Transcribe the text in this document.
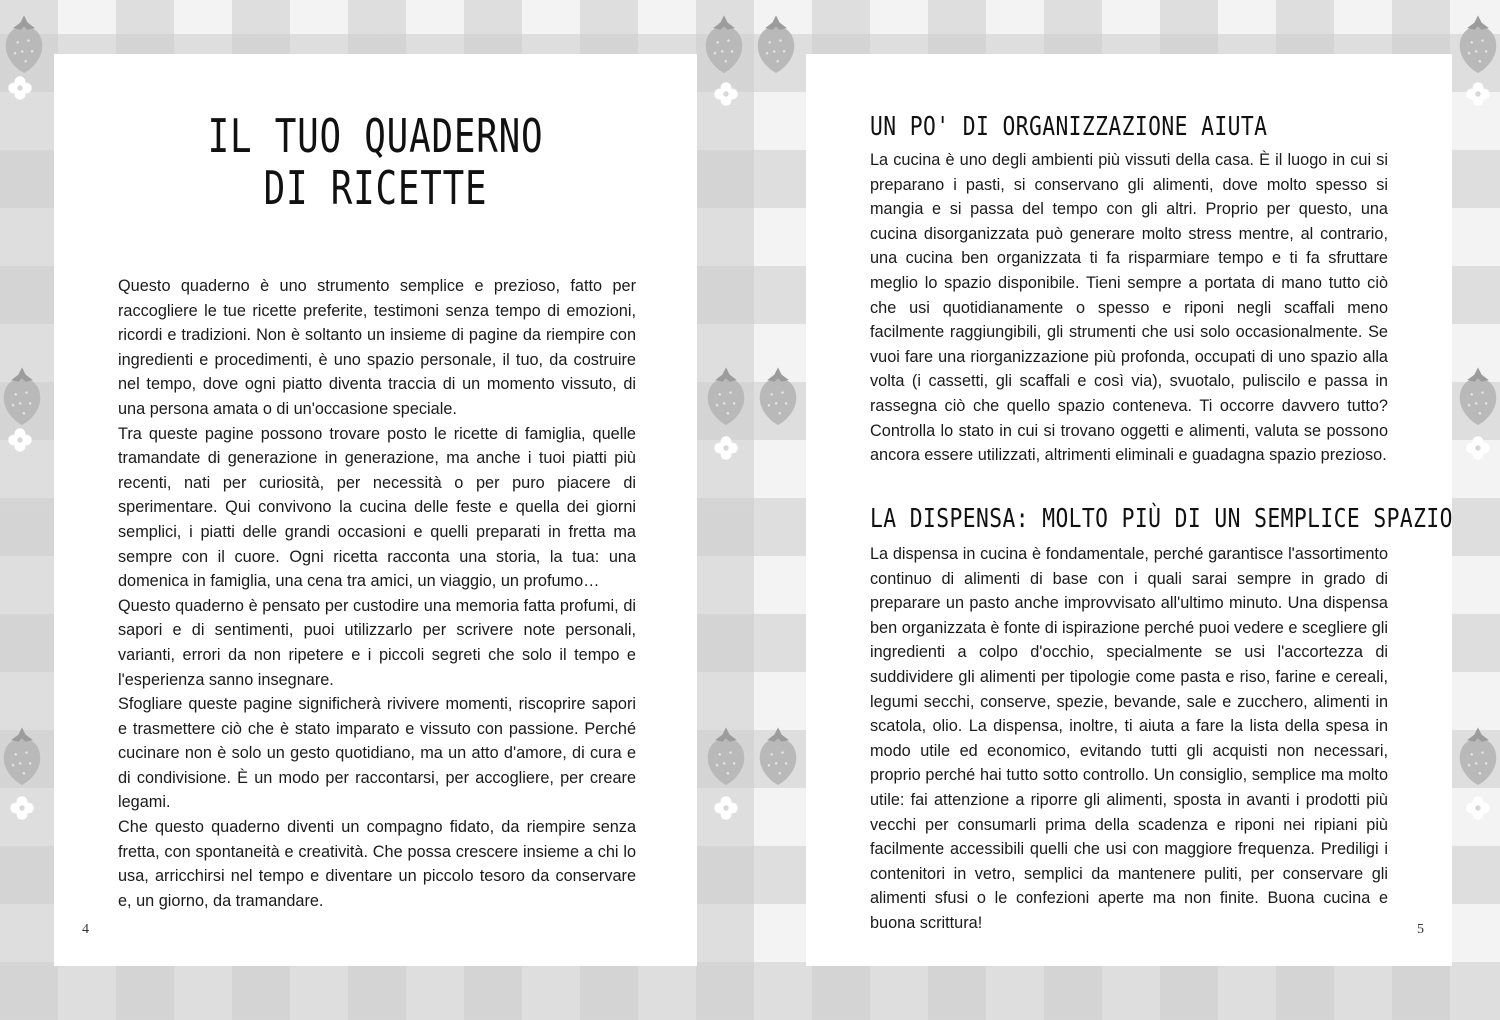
IL TUO QUADERNO
DI RICETTE

Questo quaderno è uno strumento semplice e prezioso, fatto per raccogliere le tue ricette preferite, testimoni senza tempo di emozioni, ricordi e tradizioni. Non è soltanto un insieme di pagine da riempire con ingredienti e procedimenti, è uno spazio personale, il tuo, da costruire nel tempo, dove ogni piatto diventa traccia di un momento vissuto, di una persona amata o di un'occasione speciale.

Tra queste pagine possono trovare posto le ricette di famiglia, quelle tramandate di generazione in generazione, ma anche i tuoi piatti più recenti, nati per curiosità, per necessità o per puro piacere di sperimentare. Qui convivono la cucina delle feste e quella dei giorni semplici, i piatti delle grandi occasioni e quelli preparati in fretta ma sempre con il cuore. Ogni ricetta racconta una storia, la tua: una domenica in famiglia, una cena tra amici, un viaggio, un profumo…

Questo quaderno è pensato per custodire una memoria fatta profumi, di sapori e di sentimenti, puoi utilizzarlo per scrivere note personali, varianti, errori da non ripetere e i piccoli segreti che solo il tempo e l'esperienza sanno insegnare.

Sfogliare queste pagine significherà rivivere momenti, riscoprire sapori e trasmettere ciò che è stato imparato e vissuto con passione. Perché cucinare non è solo un gesto quotidiano, ma un atto d'amore, di cura e di condivisione. È un modo per raccontarsi, per accogliere, per creare legami.

Che questo quaderno diventi un compagno fidato, da riempire senza fretta, con spontaneità e creatività. Che possa crescere insieme a chi lo usa, arricchirsi nel tempo e diventare un piccolo tesoro da conservare e, un giorno, da tramandare.

4
UN PO' DI ORGANIZZAZIONE AIUTA

La cucina è uno degli ambienti più vissuti della casa. È il luogo in cui si preparano i pasti, si conservano gli alimenti, dove molto spesso si mangia e si passa del tempo con gli altri. Proprio per questo, una cucina disorganizzata può generare molto stress mentre, al contrario, una cucina ben organizzata ti fa risparmiare tempo e ti fa sfruttare meglio lo spazio disponibile. Tieni sempre a portata di mano tutto ciò che usi quotidianamente o spesso e riponi negli scaffali meno facilmente raggiungibili, gli strumenti che usi solo occasionalmente. Se vuoi fare una riorganizzazione più profonda, occupati di uno spazio alla volta (i cassetti, gli scaffali e così via), svuotalo, puliscilo e passa in rassegna ciò che quello spazio conteneva. Ti occorre davvero tutto? Controlla lo stato in cui si trovano oggetti e alimenti, valuta se possono ancora essere utilizzati, altrimenti eliminali e guadagna spazio prezioso.

LA DISPENSA: MOLTO PIÙ DI UN SEMPLICE SPAZIO

La dispensa in cucina è fondamentale, perché garantisce l'assortimento continuo di alimenti di base con i quali sarai sempre in grado di preparare un pasto anche improvvisato all'ultimo minuto. Una dispensa ben organizzata è fonte di ispirazione perché puoi vedere e scegliere gli ingredienti a colpo d'occhio, specialmente se usi l'accortezza di suddividere gli alimenti per tipologie come pasta e riso, farine e cereali, legumi secchi, conserve, spezie, bevande, sale e zucchero, alimenti in scatola, olio. La dispensa, inoltre, ti aiuta a fare la lista della spesa in modo utile ed economico, evitando tutti gli acquisti non necessari, proprio perché hai tutto sotto controllo. Un consiglio, semplice ma molto utile: fai attenzione a riporre gli alimenti, sposta in avanti i prodotti più vecchi per consumarli prima della scadenza e riponi nei ripiani più facilmente accessibili quelli che usi con maggiore frequenza. Prediligi i contenitori in vetro, semplici da mantenere puliti, per conservare gli alimenti sfusi o le confezioni aperte ma non finite. Buona cucina e buona scrittura!	5
